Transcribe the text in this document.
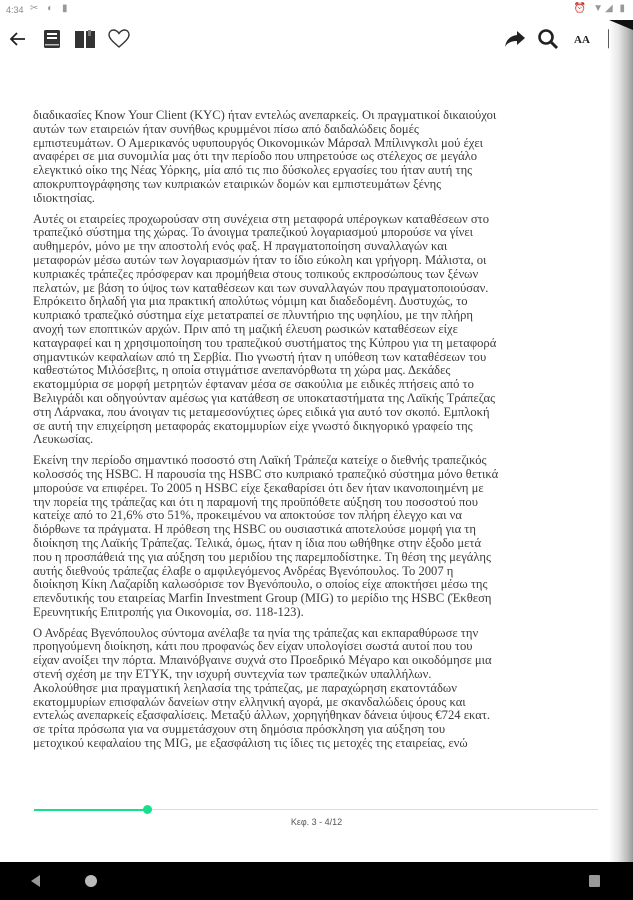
4:34 ✂ ◐ ▮	⏰ ▼◢ ▮
AA
διαδικασίες Know Your Client (KYC) ήταν εντελώς ανεπαρκείς. Οι πραγματικοί δικαιούχοι
αυτών των εταιρειών ήταν συνήθως κρυμμένοι πίσω από δαιδαλώδεις δομές
εμπιστευμάτων. Ο Αμερικανός υφυπουργός Οικονομικών Μάρσαλ Μπίλινγκσλι μού έχει
αναφέρει σε μια συνομιλία μας ότι την περίοδο που υπηρετούσε ως στέλεχος σε μεγάλο
ελεγκτικό οίκο της Νέας Υόρκης, μία από τις πιο δύσκολες εργασίες του ήταν αυτή της
αποκρυπτογράφησης των κυπριακών εταιρικών δομών και εμπιστευμάτων ξένης
ιδιοκτησίας.
Αυτές οι εταιρείες προχωρούσαν στη συνέχεια στη μεταφορά υπέρογκων καταθέσεων στο
τραπεζικό σύστημα της χώρας. Το άνοιγμα τραπεζικού λογαριασμού μπορούσε να γίνει
αυθημερόν, μόνο με την αποστολή ενός φαξ. Η πραγματοποίηση συναλλαγών και
μεταφορών μέσω αυτών των λογαριασμών ήταν το ίδιο εύκολη και γρήγορη. Μάλιστα, οι
κυπριακές τράπεζες πρόσφεραν και προμήθεια στους τοπικούς εκπροσώπους των ξένων
πελατών, με βάση το ύψος των καταθέσεων και των συναλλαγών που πραγματοποιούσαν.
Επρόκειτο δηλαδή για μια πρακτική απολύτως νόμιμη και διαδεδομένη. Δυστυχώς, το
κυπριακό τραπεζικό σύστημα είχε μετατραπεί σε πλυντήριο της υφηλίου, με την πλήρη
ανοχή των εποπτικών αρχών. Πριν από τη μαζική έλευση ρωσικών καταθέσεων είχε
καταγραφεί και η χρησιμοποίηση του τραπεζικού συστήματος της Κύπρου για τη μεταφορά
σημαντικών κεφαλαίων από τη Σερβία. Πιο γνωστή ήταν η υπόθεση των καταθέσεων του
καθεστώτος Μιλόσεβιτς, η οποία στιγμάτισε ανεπανόρθωτα τη χώρα μας. Δεκάδες
εκατομμύρια σε μορφή μετρητών έφταναν μέσα σε σακούλια με ειδικές πτήσεις από το
Βελιγράδι και οδηγούνταν αμέσως για κατάθεση σε υποκαταστήματα της Λαϊκής Τράπεζας
στη Λάρνακα, που άνοιγαν τις μεταμεσονύχτιες ώρες ειδικά για αυτό τον σκοπό. Εμπλοκή
σε αυτή την επιχείρηση μεταφοράς εκατομμυρίων είχε γνωστό δικηγορικό γραφείο της
Λευκωσίας.
Εκείνη την περίοδο σημαντικό ποσοστό στη Λαϊκή Τράπεζα κατείχε ο διεθνής τραπεζικός
κολοσσός της HSBC. Η παρουσία της HSBC στο κυπριακό τραπεζικό σύστημα μόνο θετικά
μπορούσε να επιφέρει. Το 2005 η HSBC είχε ξεκαθαρίσει ότι δεν ήταν ικανοποιημένη με
την πορεία της τράπεζας και ότι η παραμονή της προϋπόθετε αύξηση του ποσοστού που
κατείχε από το 21,6% στο 51%, προκειμένου να αποκτούσε τον πλήρη έλεγχο και να
διόρθωνε τα πράγματα. Η πρόθεση της HSBC ου ουσιαστικά αποτελούσε μομφή για τη
διοίκηση της Λαϊκής Τράπεζας. Τελικά, όμως, ήταν η ίδια που ωθήθηκε στην έξοδο μετά
που η προσπάθειά της για αύξηση του μεριδίου της παρεμποδίστηκε. Τη θέση της μεγάλης
αυτής διεθνούς τράπεζας έλαβε ο αμφιλεγόμενος Ανδρέας Βγενόπουλος. Το 2007 η
διοίκηση Κίκη Λαζαρίδη καλωσόρισε τον Βγενόπουλο, ο οποίος είχε αποκτήσει μέσω της
επενδυτικής του εταιρείας Marfin Investment Group (MIG) το μερίδιο της HSBC (Έκθεση
Ερευνητικής Επιτροπής για Οικονομία, σσ. 118-123).
Ο Ανδρέας Βγενόπουλος σύντομα ανέλαβε τα ηνία της τράπεζας και εκπαραθύρωσε την
προηγούμενη διοίκηση, κάτι που προφανώς δεν είχαν υπολογίσει σωστά αυτοί που του
είχαν ανοίξει την πόρτα. Μπαινόβγαινε συχνά στο Προεδρικό Μέγαρο και οικοδόμησε μια
στενή σχέση με την ΕΤΥΚ, την ισχυρή συντεχνία των τραπεζικών υπαλλήλων.
Ακολούθησε μια πραγματική λεηλασία της τράπεζας, με παραχώρηση εκατοντάδων
εκατομμυρίων επισφαλών δανείων στην ελληνική αγορά, με σκανδαλώδεις όρους και
εντελώς ανεπαρκείς εξασφαλίσεις. Μεταξύ άλλων, χορηγήθηκαν δάνεια ύψους €724 εκατ.
σε τρίτα πρόσωπα για να συμμετάσχουν στη δημόσια πρόσκληση για αύξηση του
μετοχικού κεφαλαίου της MIG, με εξασφάλιση τις ίδιες τις μετοχές της εταιρείας, ενώ
Κεφ. 3 - 4/12
